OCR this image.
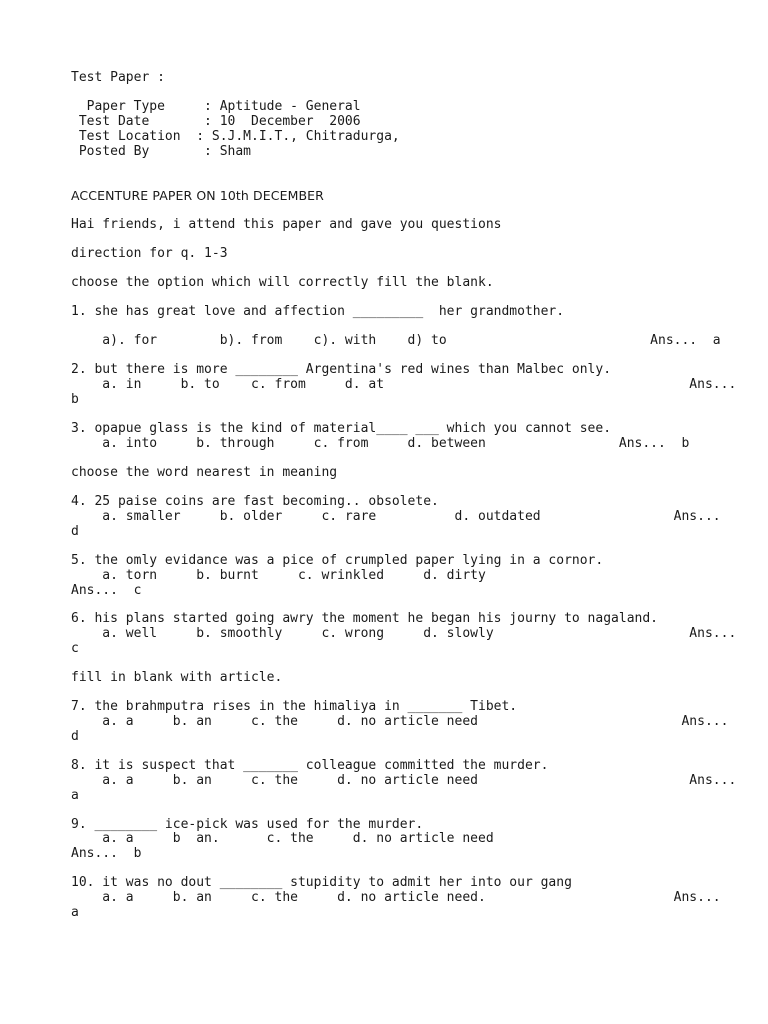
Test Paper :

Paper Type     : Aptitude - General

Test Date       : 10  December  2006

Test Location  : S.J.M.I.T., Chitradurga,

Posted By       : Sham

ACCENTURE PAPER ON 10th DECEMBER

Hai friends, i attend this paper and gave you questions

direction for q. 1-3

choose the option which will correctly fill the blank.

1. she has great love and affection _________  her grandmother.

a). for        b). from    c). with    d) to                          Ans...  a

2. but there is more ________ Argentina's red wines than Malbec only.

a. in     b. to    c. from     d. at                                       Ans...

b

3. opapue glass is the kind of material____ ___ which you cannot see.

a. into     b. through     c. from     d. between                 Ans...  b

choose the word nearest in meaning

4. 25 paise coins are fast becoming.. obsolete.

a. smaller     b. older     c. rare          d. outdated                 Ans...

d

5. the omly evidance was a pice of crumpled paper lying in a cornor.

a. torn     b. burnt     c. wrinkled     d. dirty

Ans...  c

6. his plans started going awry the moment he began his journy to nagaland.

a. well     b. smoothly     c. wrong     d. slowly                         Ans...

c

fill in blank with article.

7. the brahmputra rises in the himaliya in _______ Tibet.

a. a     b. an     c. the     d. no article need                          Ans...

d

8. it is suspect that _______ colleague committed the murder.

a. a     b. an     c. the     d. no article need                           Ans...

a

9. ________ ice-pick was used for the murder.

a. a     b  an.      c. the     d. no article need

Ans...  b

10. it was no dout ________ stupidity to admit her into our gang

a. a     b. an     c. the     d. no article need.                        Ans...

a
